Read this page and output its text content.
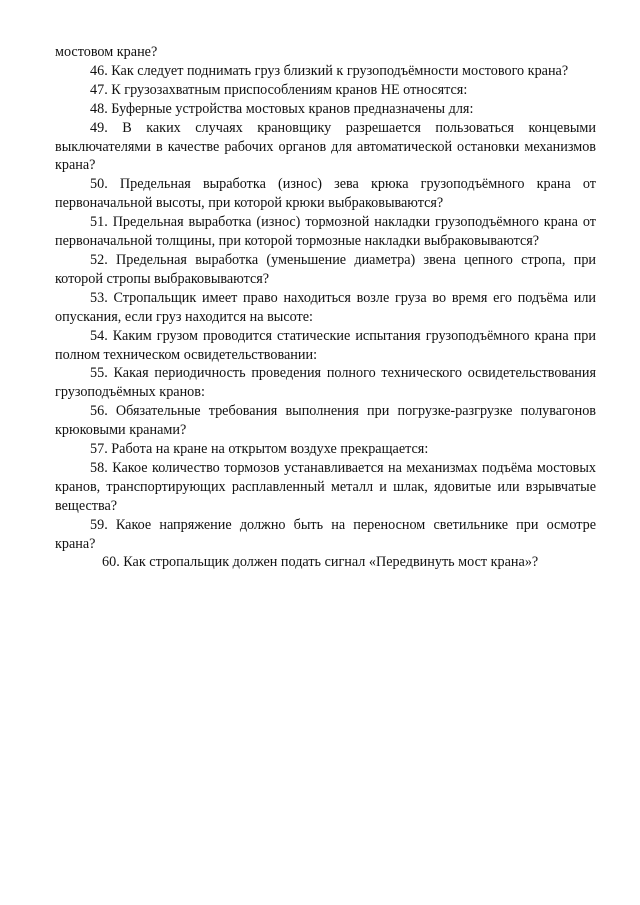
мостовом кране?

46. Как следует поднимать груз близкий к грузоподъёмности мостового крана?

47. К грузозахватным приспособлениям кранов НЕ относятся:

48. Буферные устройства мостовых кранов предназначены для:

49. В каких случаях крановщику разрешается пользоваться концевыми выключателями в качестве рабочих органов для автоматической остановки механизмов крана?

50. Предельная выработка (износ) зева крюка грузоподъёмного крана от первоначальной высоты, при которой крюки выбраковываются?

51. Предельная выработка (износ) тормозной накладки грузоподъёмного крана от первоначальной толщины, при которой тормозные накладки выбраковываются?

52. Предельная выработка (уменьшение диаметра) звена цепного стропа, при которой стропы выбраковываются?

53. Стропальщик имеет право находиться возле груза во время его подъёма или опускания, если груз находится на высоте:

54. Каким грузом проводится статические испытания грузоподъёмного крана при полном техническом освидетельствовании:

55. Какая периодичность проведения полного технического освидетельствования грузоподъёмных кранов:

56. Обязательные требования выполнения при погрузке-разгрузке полувагонов крюковыми кранами?

57. Работа на кране на открытом воздухе прекращается:

58. Какое количество тормозов устанавливается на механизмах подъёма мостовых кранов, транспортирующих расплавленный металл и шлак, ядовитые или взрывчатые вещества?

59. Какое напряжение должно быть на переносном светильнике при осмотре крана?

60. Как стропальщик должен подать сигнал «Передвинуть мост крана»?
